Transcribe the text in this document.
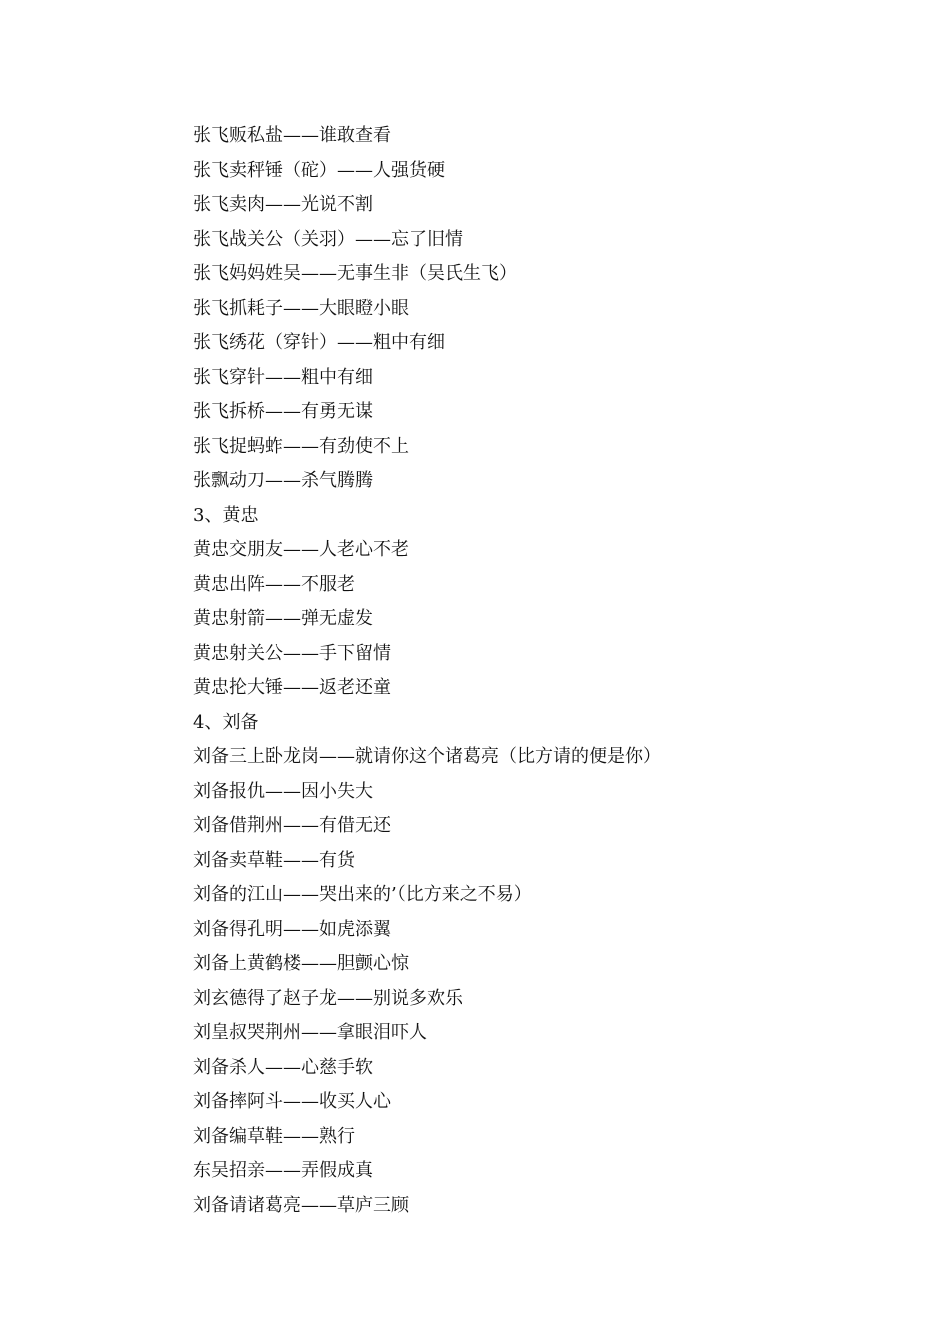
张飞贩私盐——谁敢查看
张飞卖秤锤（砣）——人强货硬
张飞卖肉——光说不割
张飞战关公（关羽）——忘了旧情
张飞妈妈姓吴——无事生非（吴氏生飞）
张飞抓耗子——大眼瞪小眼
张飞绣花（穿针）——粗中有细
张飞穿针——粗中有细
张飞拆桥——有勇无谋
张飞捉蚂蚱——有劲使不上
张飘动刀——杀气腾腾
3、黄忠
黄忠交朋友——人老心不老
黄忠出阵——不服老
黄忠射箭——弹无虚发
黄忠射关公——手下留情
黄忠抡大锤——返老还童
4、刘备
刘备三上卧龙岗——就请你这个诸葛亮（比方请的便是你）
刘备报仇——因小失大
刘备借荆州——有借无还
刘备卖草鞋——有货
刘备的江山——哭出来的’（比方来之不易）
刘备得孔明——如虎添翼
刘备上黄鹤楼——胆颤心惊
刘玄德得了赵子龙——别说多欢乐
刘皇叔哭荆州——拿眼泪吓人
刘备杀人——心慈手软
刘备摔阿斗——收买人心
刘备编草鞋——熟行
东吴招亲——弄假成真
刘备请诸葛亮——草庐三顾
